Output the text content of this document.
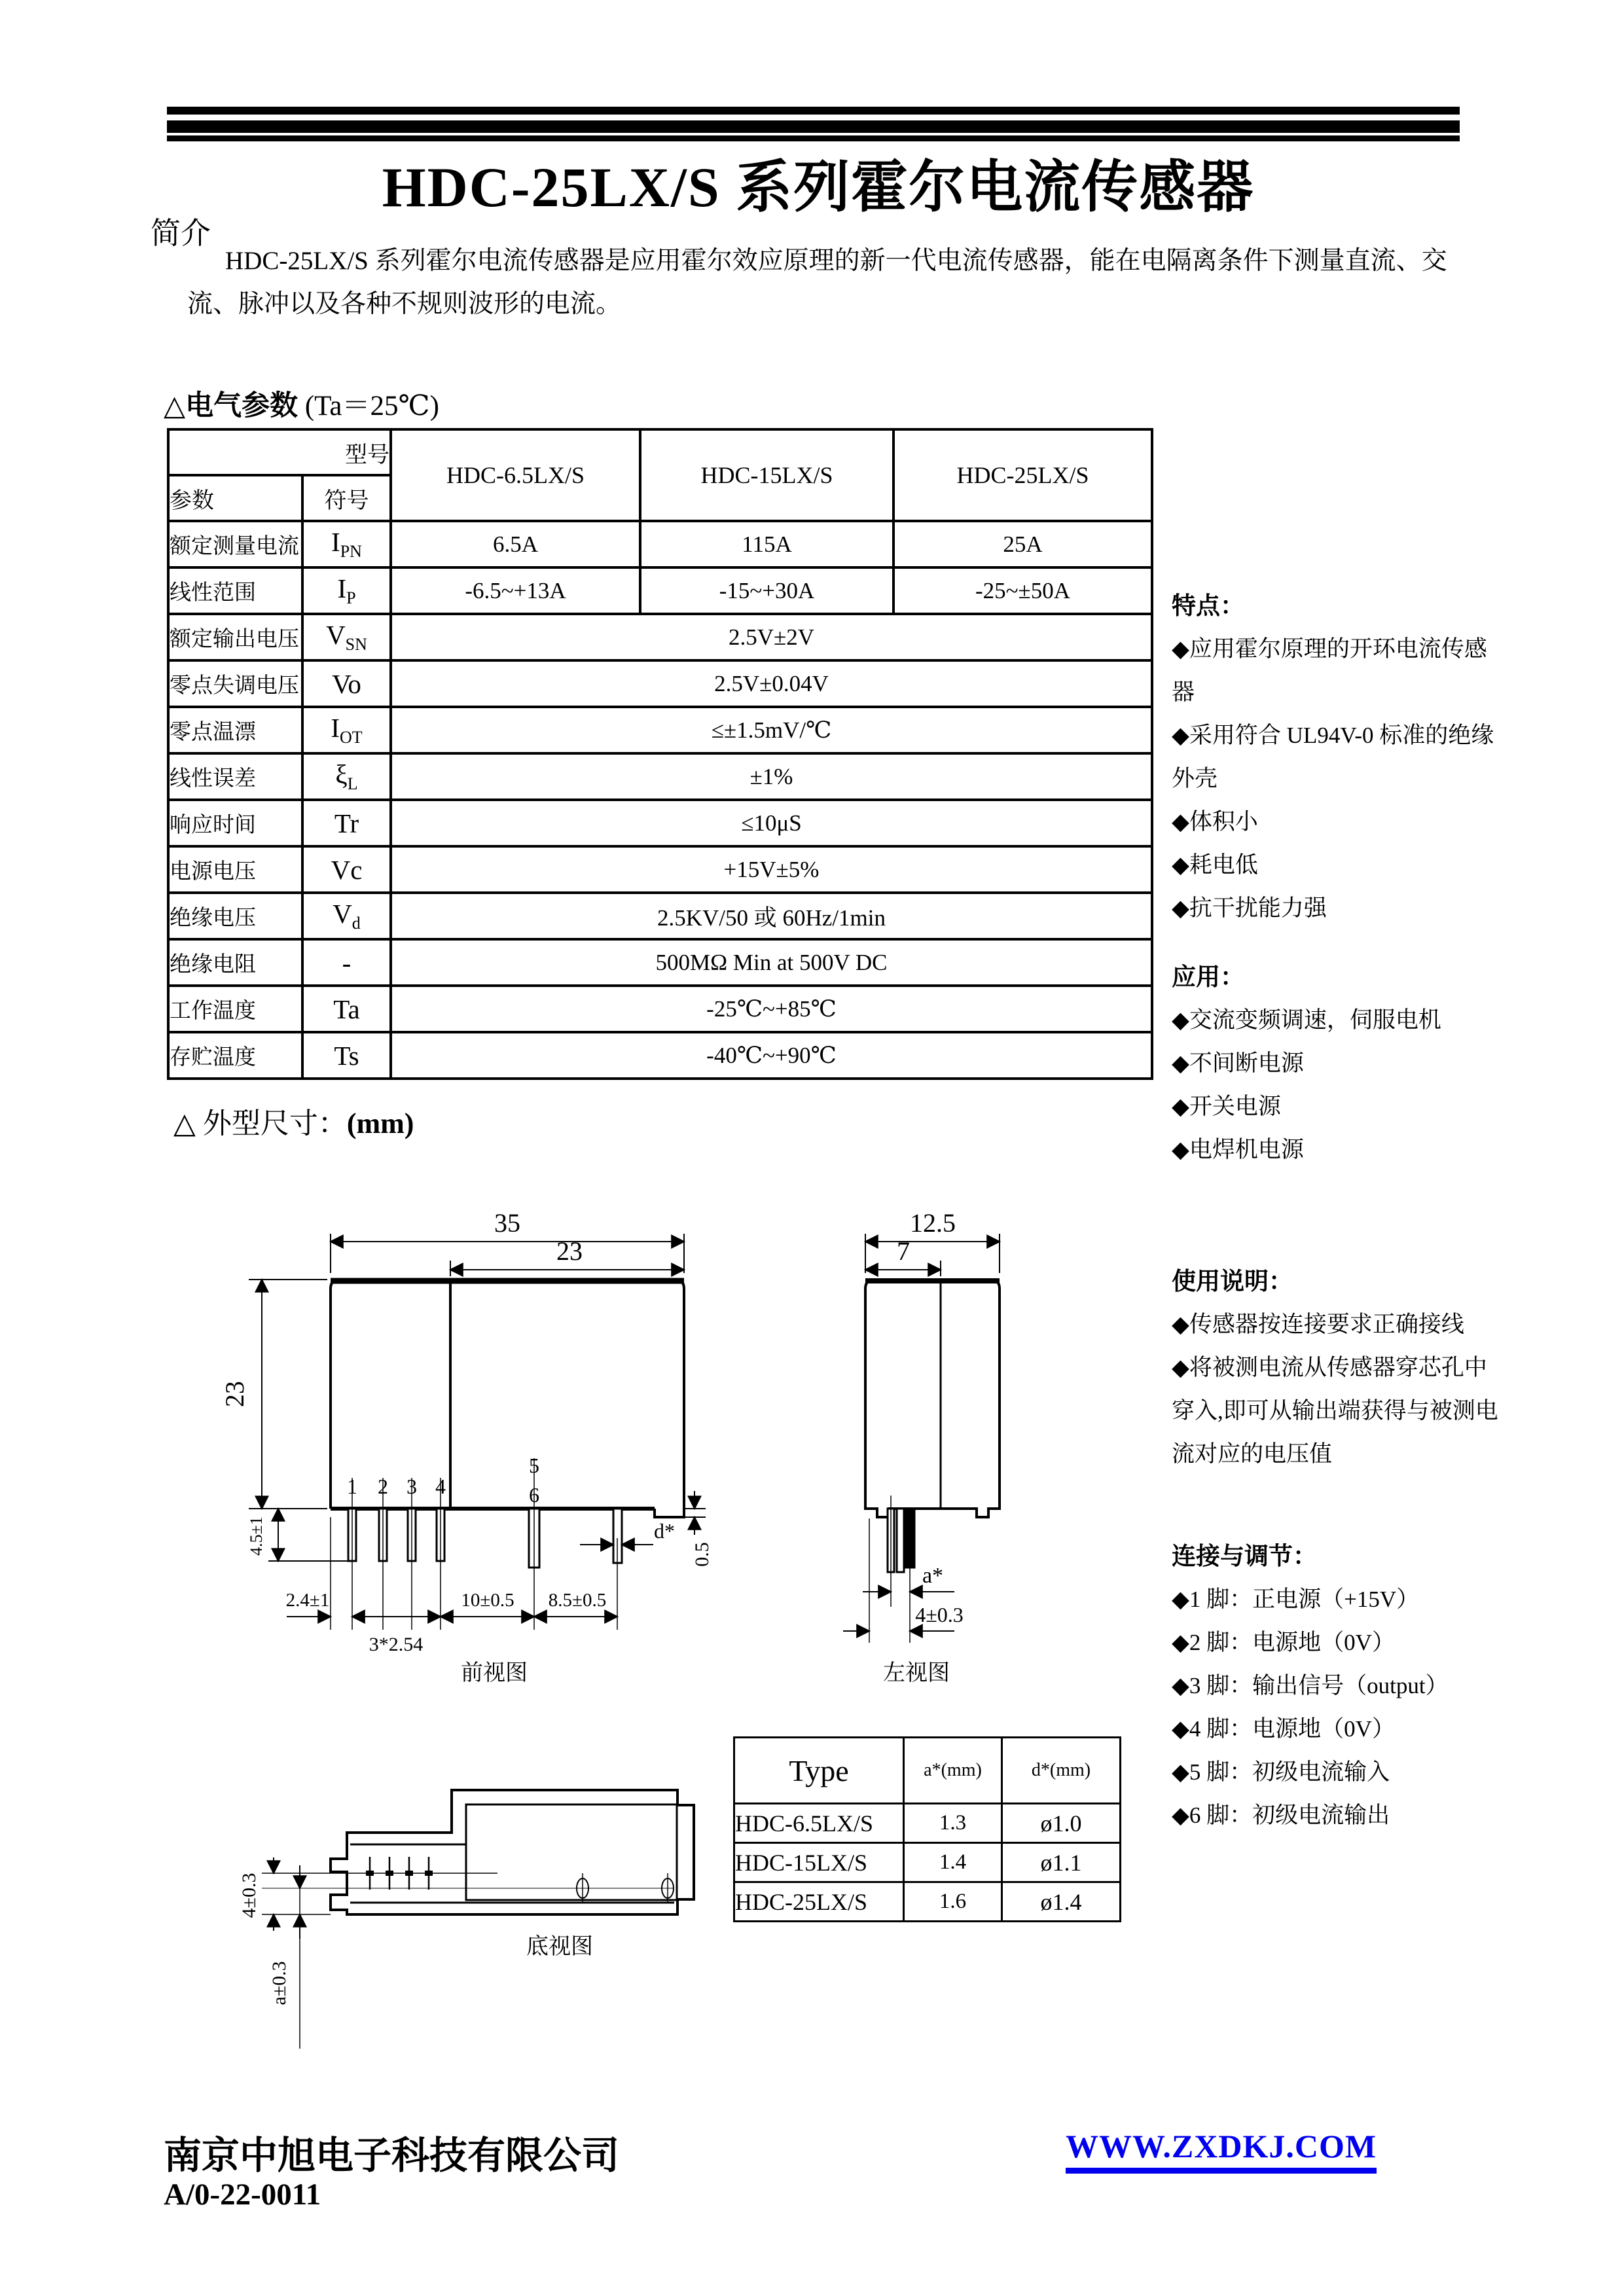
HDC-25LX/S 系列霍尔电流传感器
简介
HDC-25LX/S 系列霍尔电流传感器是应用霍尔效应原理的新一代电流传感器，能在电隔离条件下测量直流、交流、脉冲以及各种不规则波形的电流。
△电气参数 (Ta＝25℃)
型号		HDC-6.5LX/S	HDC-15LX/S	HDC-25LX/S
参数	符号			
额定测量电流	$I_{PN}$	6.5A	115A	25A
线性范围	$I_P$	-6.5~+13A	-15~+30A	-25~±50A
额定输出电压	$V_{SN}$	2.5V±2V		
零点失调电压	Vo	2.5V±0.04V		
零点温漂	$I_{OT}$	≤±1.5mV/℃		
线性误差	$\xi_L$	±1%		
响应时间	Tr	≤10μS		
电源电压	Vc	+15V±5%		
绝缘电压	$V_d$	2.5KV/50 或 60Hz/1min		
绝缘电阻	-	500MΩ Min at 500V DC		
工作温度	Ta	-25℃~+85℃		
存贮温度	Ts	-40℃~+90℃		
特点：
◆应用霍尔原理的开环电流传感
器
◆采用符合 UL94V-0 标准的绝缘
外壳
◆体积小
◆耗电低
◆抗干扰能力强
应用：
◆交流变频调速，伺服电机
◆不间断电源
◆开关电源
◆电焊机电源
使用说明：
◆传感器按连接要求正确接线
◆将被测电流从传感器穿芯孔中
穿入,即可从输出端获得与被测电
流对应的电压值
连接与调节：
◆1 脚：正电源（+15V）
◆2 脚：电源地（0V）
◆3 脚：输出信号（output）
◆4 脚：电源地（0V）
◆5 脚：初级电流输入
◆6 脚：初级电流输出
△ 外型尺寸：(mm)
35
23
23
4.5±1
1 2 3 4
5
6
2.4±1	10±0.5 8.5±0.5
3*2.54
d*
0.5
前视图
12.5
7
a*
4±0.3
左视图
4±0.3
a±0.3
底视图
Type	a*(mm)	d*(mm)
HDC-6.5LX/S	1.3	ø1.0
HDC-15LX/S	1.4	ø1.1
HDC-25LX/S	1.6	ø1.4
南京中旭电子科技有限公司
A/0-22-0011
WWW.ZXDKJ.COM
